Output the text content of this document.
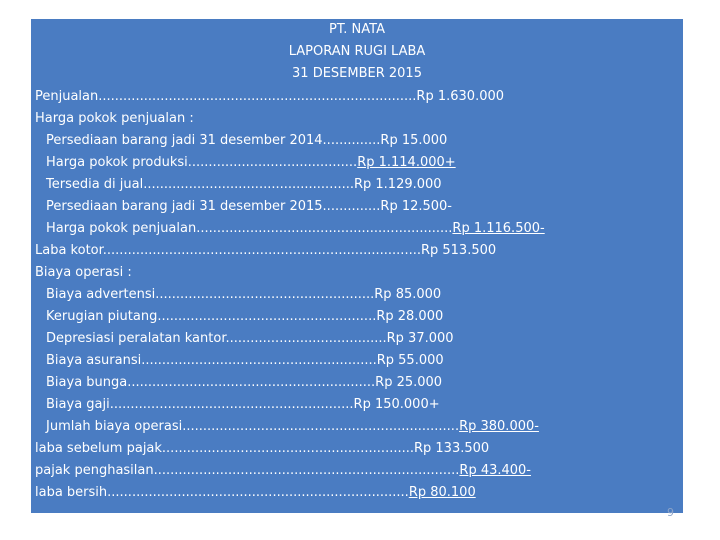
PT. NATA
LAPORAN RUGI LABA
31 DESEMBER 2015
Penjualan.............................................................................Rp 1.630.000
Harga pokok penjualan :
Persediaan barang jadi 31 desember 2014..............Rp 15.000
Harga pokok produksi.........................................Rp 1.114.000+
Tersedia di jual...................................................Rp 1.129.000
Persediaan barang jadi 31 desember 2015..............Rp 12.500-
Harga pokok penjualan..............................................................Rp 1.116.500-
Laba kotor.............................................................................Rp 513.500
Biaya operasi :
Biaya advertensi.....................................................Rp 85.000
Kerugian piutang.....................................................Rp 28.000
Depresiasi peralatan kantor.......................................Rp 37.000
Biaya asuransi.........................................................Rp 55.000
Biaya bunga............................................................Rp 25.000
Biaya gaji...........................................................Rp 150.000+
Jumlah biaya operasi...................................................................Rp 380.000-
laba sebelum pajak.............................................................Rp 133.500
pajak penghasilan..........................................................................Rp 43.400-
laba bersih.........................................................................Rp 80.100
9
